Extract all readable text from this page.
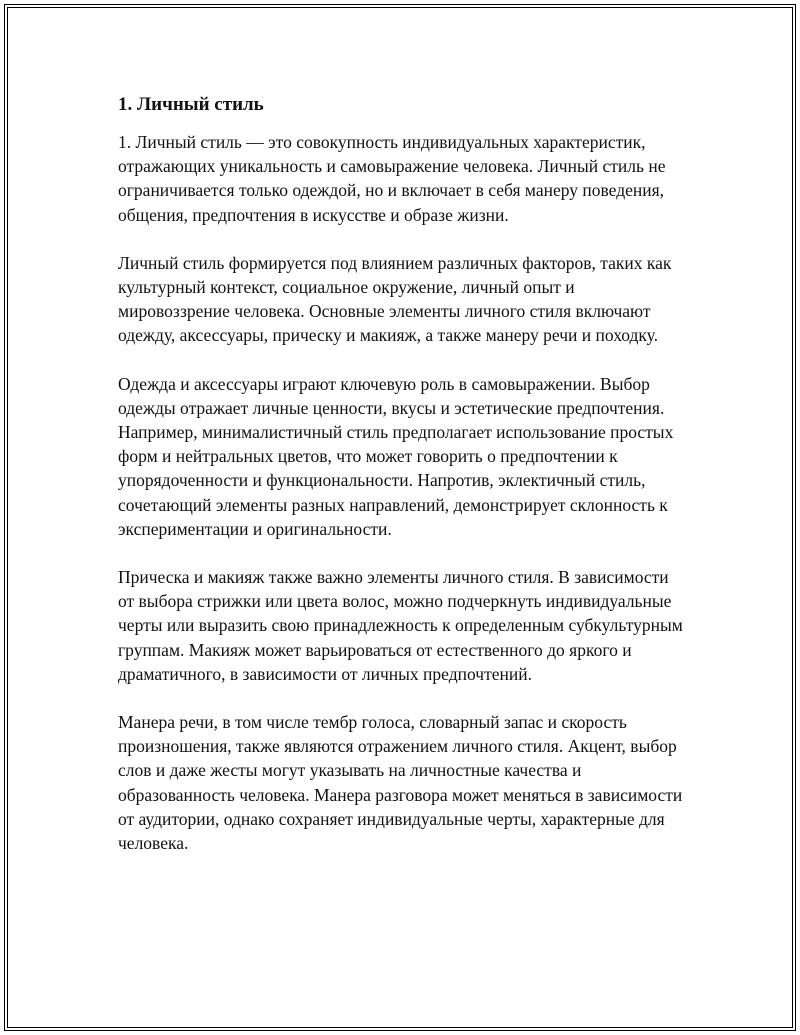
1. Личный стиль

1. Личный стиль — это совокупность индивидуальных характеристик, отражающих уникальность и самовыражение человека. Личный стиль не ограничивается только одеждой, но и включает в себя манеру поведения, общения, предпочтения в искусстве и образе жизни.

Личный стиль формируется под влиянием различных факторов, таких как культурный контекст, социальное окружение, личный опыт и мировоззрение человека. Основные элементы личного стиля включают одежду, аксессуары, прическу и макияж, а также манеру речи и походку.

Одежда и аксессуары играют ключевую роль в самовыражении. Выбор одежды отражает личные ценности, вкусы и эстетические предпочтения. Например, минималистичный стиль предполагает использование простых форм и нейтральных цветов, что может говорить о предпочтении к упорядоченности и функциональности. Напротив, эклектичный стиль, сочетающий элементы разных направлений, демонстрирует склонность к экспериментации и оригинальности.

Прическа и макияж также важно элементы личного стиля. В зависимости от выбора стрижки или цвета волос, можно подчеркнуть индивидуальные черты или выразить свою принадлежность к определенным субкультурным группам. Макияж может варьироваться от естественного до яркого и драматичного, в зависимости от личных предпочтений.

Манера речи, в том числе тембр голоса, словарный запас и скорость произношения, также являются отражением личного стиля. Акцент, выбор слов и даже жесты могут указывать на личностные качества и образованность человека. Манера разговора может меняться в зависимости от аудитории, однако сохраняет индивидуальные черты, характерные для человека.
